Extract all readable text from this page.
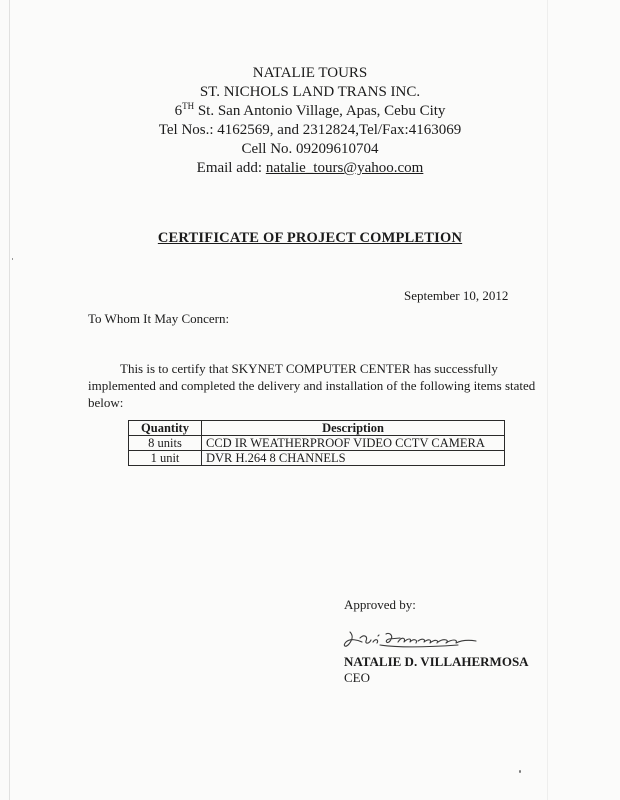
NATALIE TOURS
ST. NICHOLS LAND TRANS INC.
6TH St. San Antonio Village, Apas, Cebu City
Tel Nos.: 4162569, and 2312824,Tel/Fax:4163069
Cell No. 09209610704
Email add: natalie_tours@yahoo.com
CERTIFICATE OF PROJECT COMPLETION
September 10, 2012
To Whom It May Concern:
This is to certify that SKYNET COMPUTER CENTER has successfully
implemented and completed the delivery and installation of the following items stated
below:
Quantity	Description
8 units	CCD IR WEATHERPROOF VIDEO CCTV CAMERA
1 unit	DVR H.264 8 CHANNELS
Approved by:
NATALIE D. VILLAHERMOSA
CEO
